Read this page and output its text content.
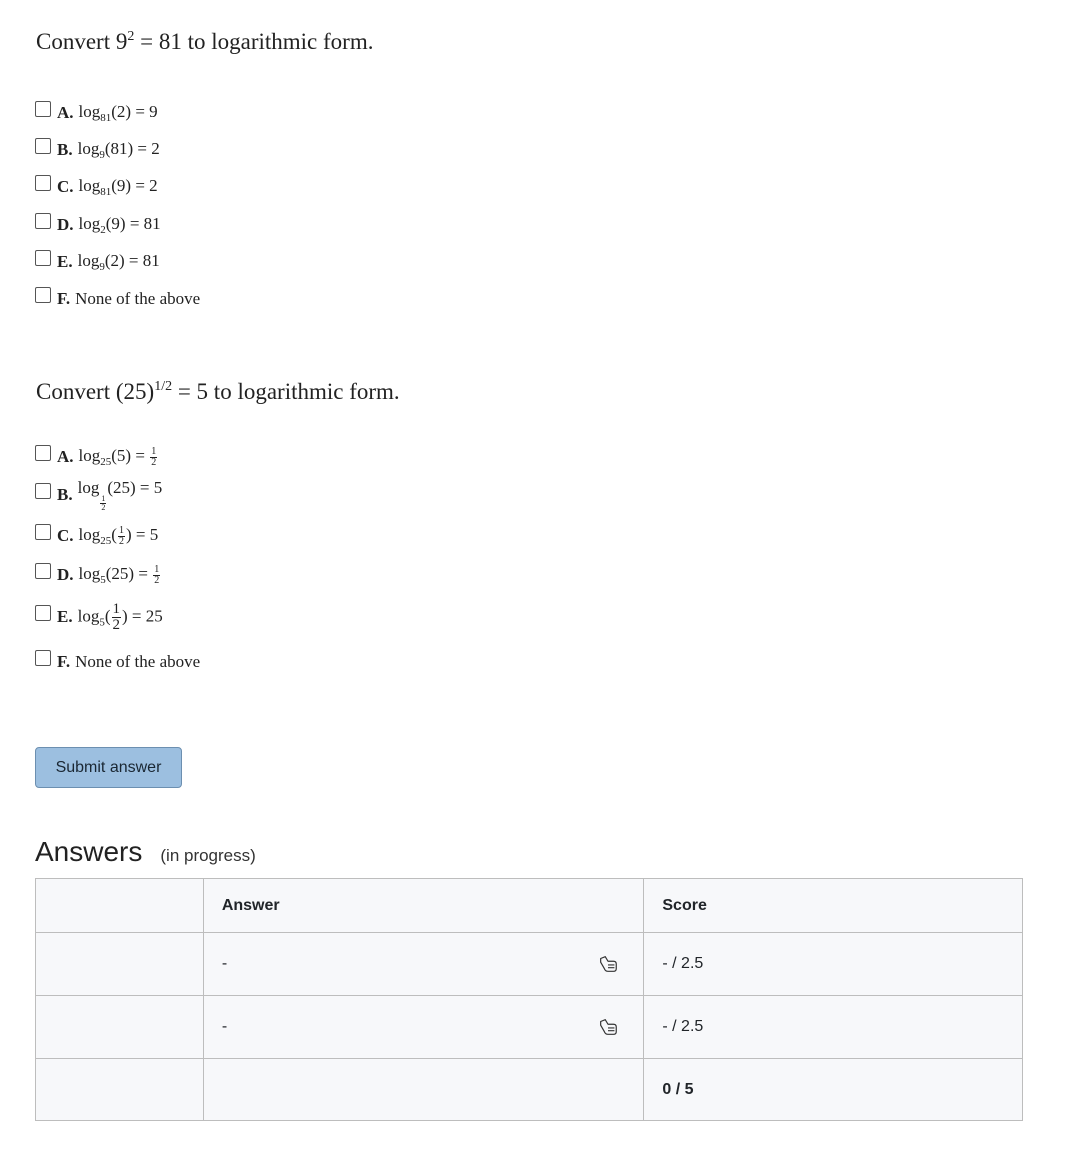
Convert $9^2 = 81$ to logarithmic form.

A. $\log_{81}(2) = 9$
B. $\log_9(81) = 2$
C. $\log_{81}(9) = 2$
D. $\log_2(9) = 81$
E. $\log_9(2) = 81$
F. None of the above

Convert $(25)^{1/2} = 5$ to logarithmic form.

A. $\log_{25}(5) = \frac{1}{2}$
B. log
$\frac{1}{2}$
(25) = 5
C. $\log_{25}( \frac{1}{2}$ ) = 5
D. $\log_5(25) = \frac{1}{2}$
E. $\log_5( \frac{1}{2}$ ) = 25
F. None of the above
Submit answer
Answers (in progress)
	Answer	Score
	-	- / 2.5
	-	- / 2.5
		0 / 5
